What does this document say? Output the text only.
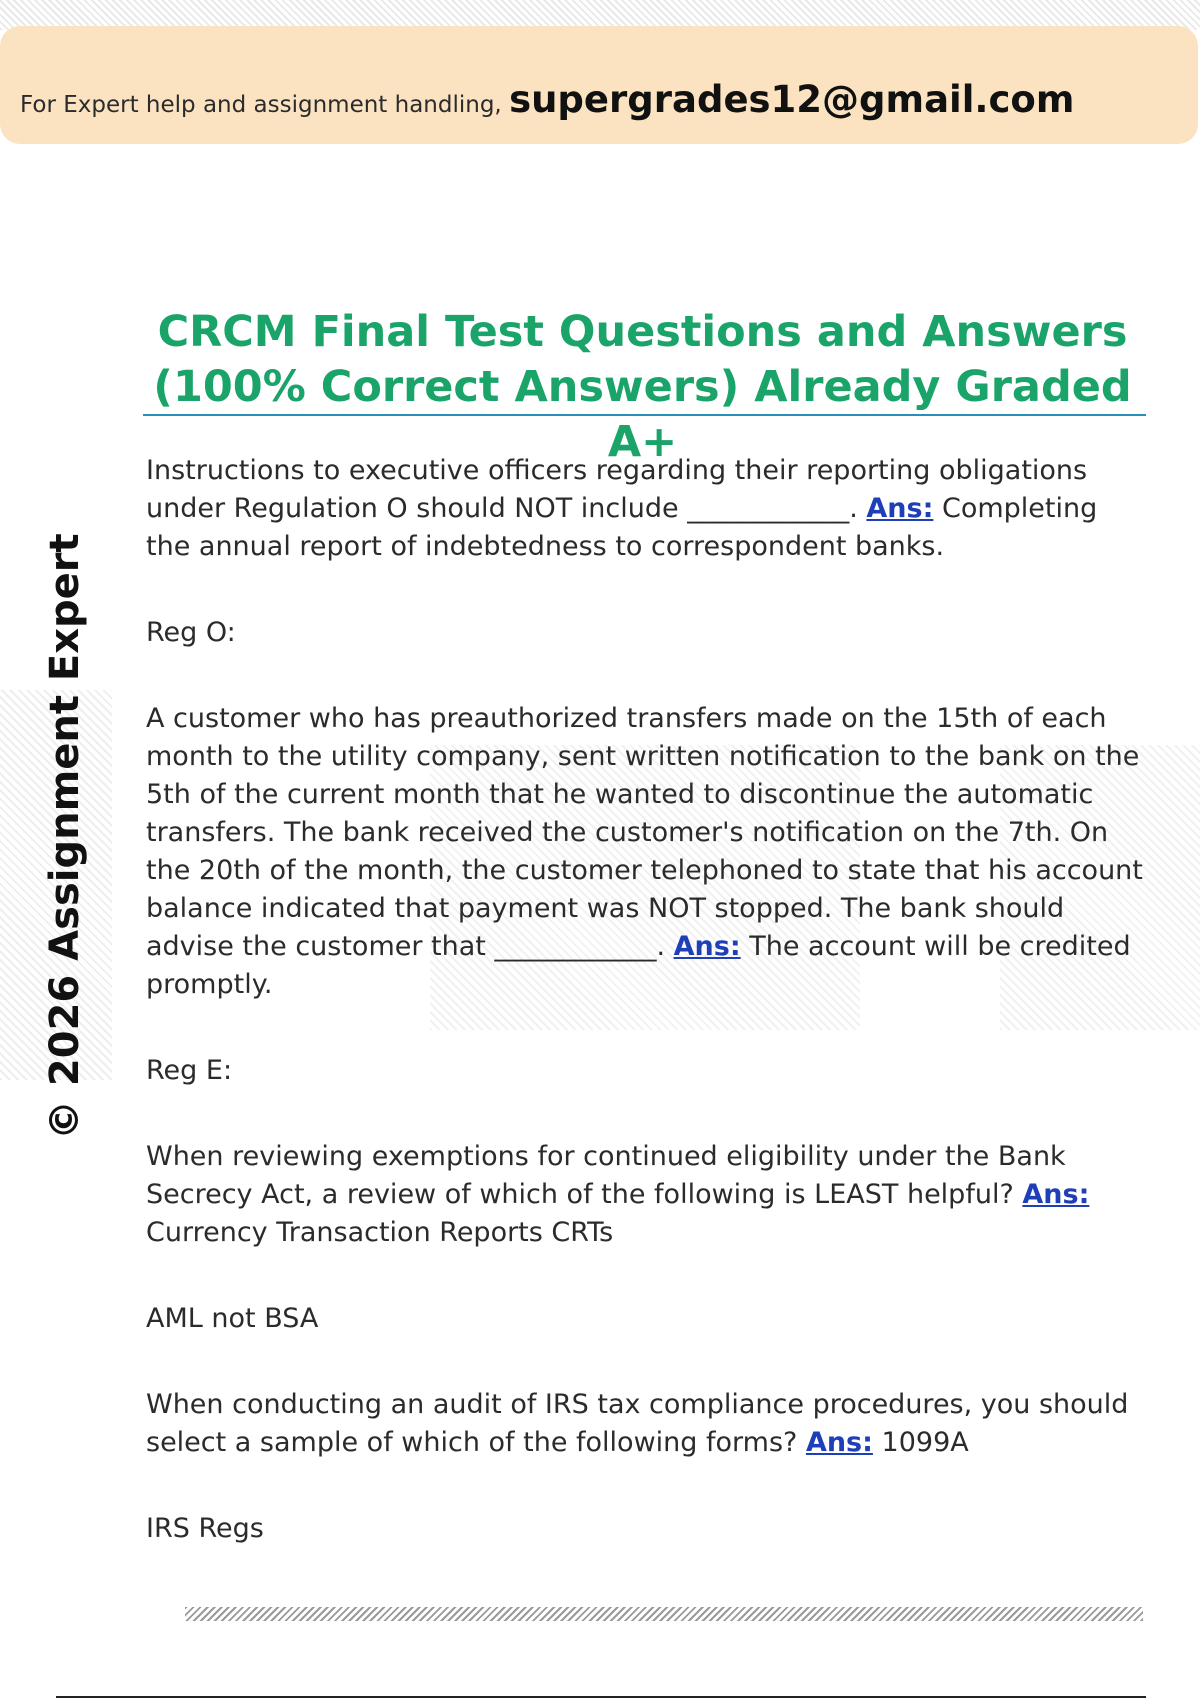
For Expert help and assignment handling, supergrades12@gmail.com
CRCM Final Test Questions and Answers (100% Correct Answers) Already Graded A+
© 2026 Assignment Expert

Instructions to executive officers regarding their reporting obligations under Regulation O should NOT include ____________. Ans: Completing the annual report of indebtedness to correspondent banks.

Reg O:

A customer who has preauthorized transfers made on the 15th of each month to the utility company, sent written notification to the bank on the 5th of the current month that he wanted to discontinue the automatic transfers. The bank received the customer's notification on the 7th. On the 20th of the month, the customer telephoned to state that his account balance indicated that payment was NOT stopped. The bank should advise the customer that ____________. Ans: The account will be credited promptly.

Reg E:

When reviewing exemptions for continued eligibility under the Bank Secrecy Act, a review of which of the following is LEAST helpful? Ans: Currency Transaction Reports CRTs

AML not BSA

When conducting an audit of IRS tax compliance procedures, you should select a sample of which of the following forms? Ans: 1099A

IRS Regs
